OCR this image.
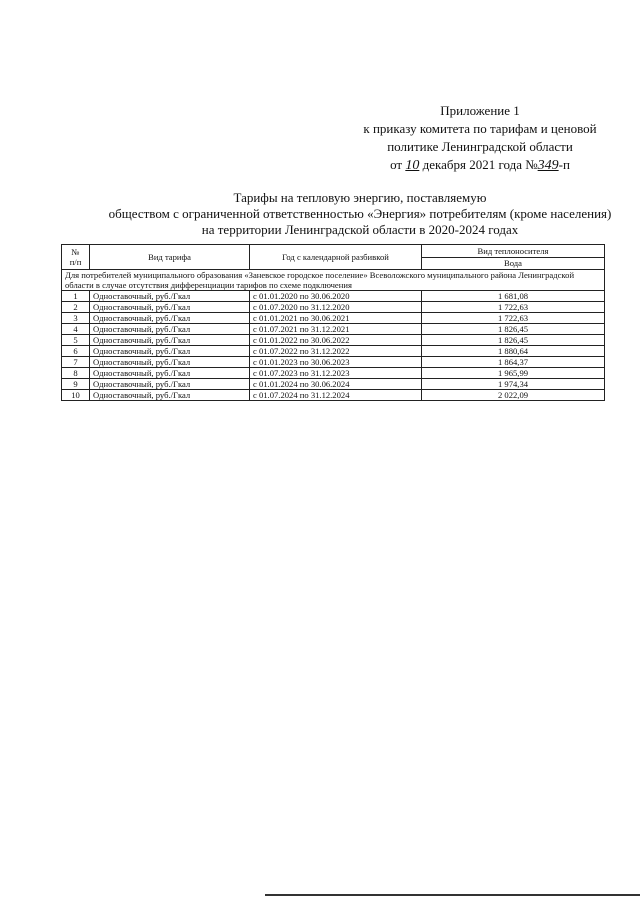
Приложение 1
к приказу комитета по тарифам и ценовой
политике Ленинградской области
от 10 декабря 2021 года №349-п
Тарифы на тепловую энергию, поставляемую
обществом с ограниченной ответственностью «Энергия» потребителям (кроме населения)
на территории Ленинградской области в 2020-2024 годах
№
п/п	Вид тарифа	Год с календарной разбивкой	Вид теплоносителя
			Вода
Для потребителей муниципального образования «Заневское городское поселение» Всеволожского муниципального района Ленинградской области в случае отсутствия дифференциации тарифов по схеме подключения			
1	Одноставочный, руб./Гкал	с 01.01.2020 по 30.06.2020	1 681,08
2	Одноставочный, руб./Гкал	с 01.07.2020 по 31.12.2020	1 722,63
3	Одноставочный, руб./Гкал	с 01.01.2021 по 30.06.2021	1 722,63
4	Одноставочный, руб./Гкал	с 01.07.2021 по 31.12.2021	1 826,45
5	Одноставочный, руб./Гкал	с 01.01.2022 по 30.06.2022	1 826,45
6	Одноставочный, руб./Гкал	с 01.07.2022 по 31.12.2022	1 880,64
7	Одноставочный, руб./Гкал	с 01.01.2023 по 30.06.2023	1 864,37
8	Одноставочный, руб./Гкал	с 01.07.2023 по 31.12.2023	1 965,99
9	Одноставочный, руб./Гкал	с 01.01.2024 по 30.06.2024	1 974,34
10	Одноставочный, руб./Гкал	с 01.07.2024 по 31.12.2024	2 022,09
